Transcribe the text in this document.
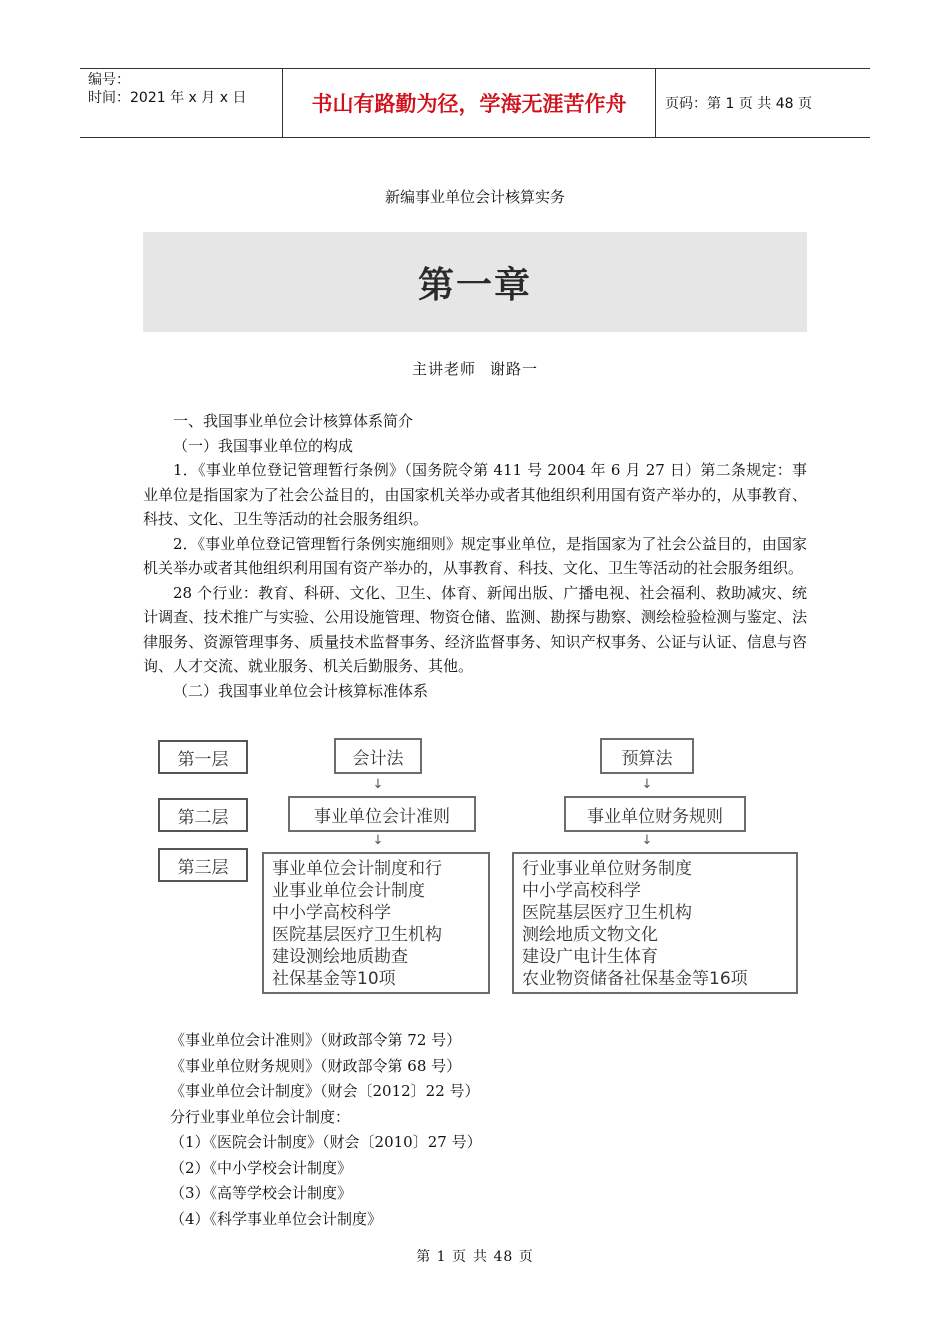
编号：
时间：2021 年 x 月 x 日	书山有路勤为径，学海无涯苦作舟	页码：第 1 页 共 48 页
新编事业单位会计核算实务
第一章
主讲老师 谢路一

一、我国事业单位会计核算体系简介

（一）我国事业单位的构成

1．《事业单位登记管理暂行条例》（国务院令第 411 号 2004 年 6 月 27 日）第二条规定：事业单位是指国家为了社会公益目的，由国家机关举办或者其他组织利用国有资产举办的，从事教育、科技、文化、卫生等活动的社会服务组织。

2．《事业单位登记管理暂行条例实施细则》规定事业单位，是指国家为了社会公益目的，由国家机关举办或者其他组织利用国有资产举办的，从事教育、科技、文化、卫生等活动的社会服务组织。

28 个行业：教育、科研、文化、卫生、体育、新闻出版、广播电视、社会福利、救助减灾、统计调查、技术推广与实验、公用设施管理、物资仓储、监测、勘探与勘察、测绘检验检测与鉴定、法律服务、资源管理事务、质量技术监督事务、经济监督事务、知识产权事务、公证与认证、信息与咨询、人才交流、就业服务、机关后勤服务、其他。

（二）我国事业单位会计核算标准体系

第一层
第二层
第三层
会计法
↓
事业单位会计准则
↓
事业单位会计制度和行
业事业单位会计制度
中小学高校科学
医院基层医疗卫生机构
建设测绘地质勘查
社保基金等10项
预算法
↓
事业单位财务规则
↓
行业事业单位财务制度
中小学高校科学
医院基层医疗卫生机构
测绘地质文物文化
建设广电计生体育
农业物资储备社保基金等16项
《事业单位会计准则》（财政部令第 72 号）
《事业单位财务规则》（财政部令第 68 号）
《事业单位会计制度》（财会〔2012〕22 号）
分行业事业单位会计制度：
（1）《医院会计制度》（财会〔2010〕27 号）
（2）《中小学校会计制度》
（3）《高等学校会计制度》
（4）《科学事业单位会计制度》
第 1 页 共 48 页
